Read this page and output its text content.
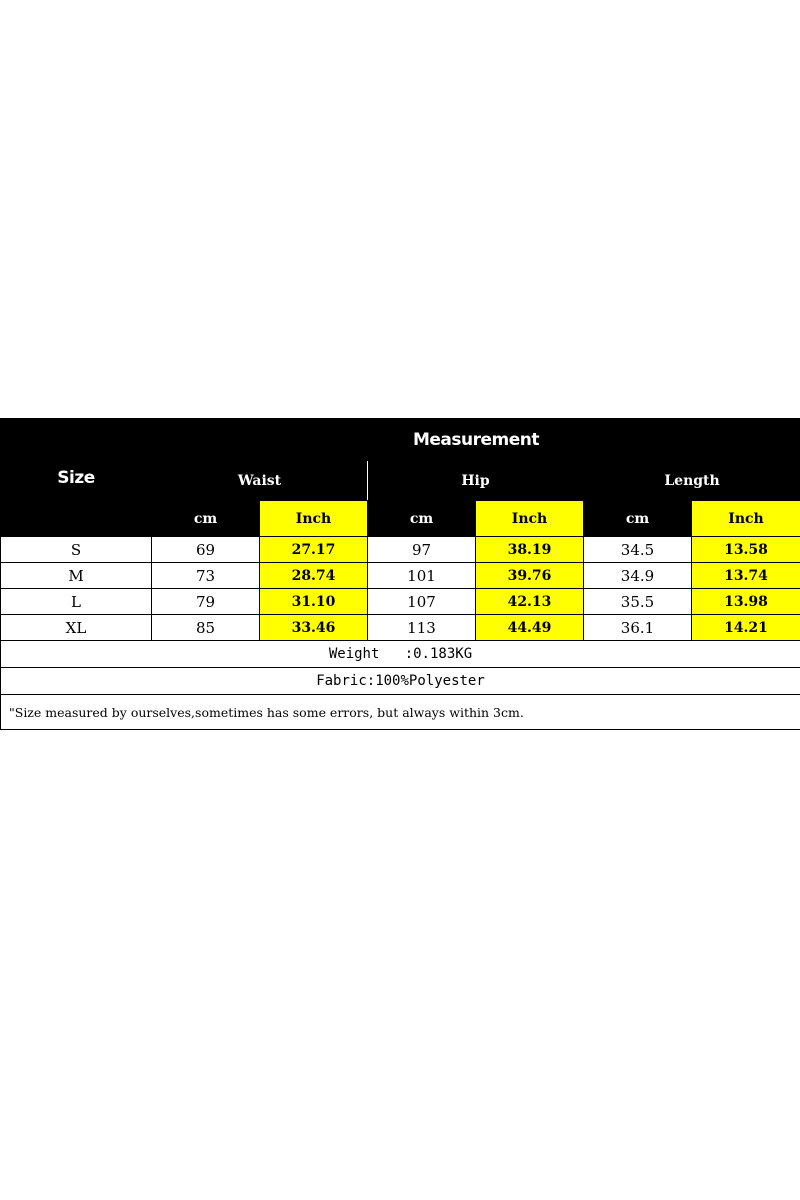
Size	Measurement					
	Waist		Hip		Length	
	cm	Inch	cm	Inch	cm	Inch
S	69	27.17	97	38.19	34.5	13.58
M	73	28.74	101	39.76	34.9	13.74
L	79	31.10	107	42.13	35.5	13.98
XL	85	33.46	113	44.49	36.1	14.21
Weight   :0.183KG						
Fabric:100%Polyester						
"Size measured by ourselves,sometimes has some errors, but always within 3cm.						
